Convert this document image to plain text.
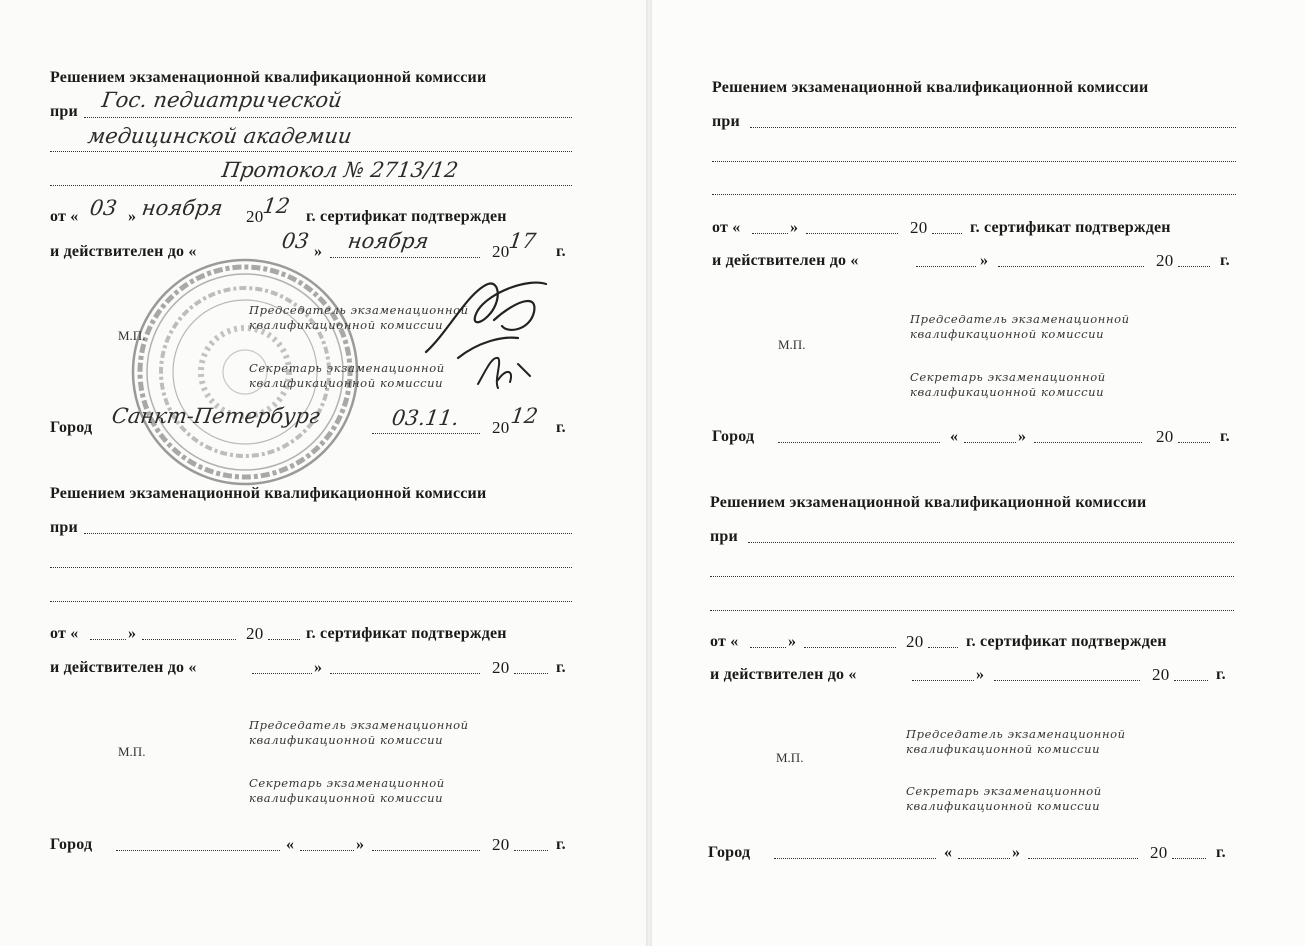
Решением экзаменационной квалификационной комиссии
при Гос. педиатрической
медицинской академии
Протокол № 2713/12
от « 03 » ноября 20
12 г. сертификат подтвержден
и действителен до «	03 » ноября	20
17 г.
Председатель экзаменационной
квалификационной комиссии
М.П.
Секретарь экзаменационной
квалификационной комиссии
Город Санкт-Петербург	03.11. 20 12 г.
Решением экзаменационной квалификационной комиссии
при
от «	»	20	г. сертификат подтвержден
и действителен до «	»	20	г.
Председатель экзаменационной
квалификационной комиссии
М.П.
Секретарь экзаменационной
квалификационной комиссии
Город	«	»	20	г.
Решением экзаменационной квалификационной комиссии
при
от «	»	20	г. сертификат подтвержден
и действителен до «	»	20	г.
Председатель экзаменационной
квалификационной комиссии
М.П.
Секретарь экзаменационной
квалификационной комиссии
Город	«	»	20	г.
Решением экзаменационной квалификационной комиссии
при
от «	»	20	г. сертификат подтвержден
и действителен до «	»	20	г.
Председатель экзаменационной
квалификационной комиссии
М.П.
Секретарь экзаменационной
квалификационной комиссии
Город	«	»	20	г.
